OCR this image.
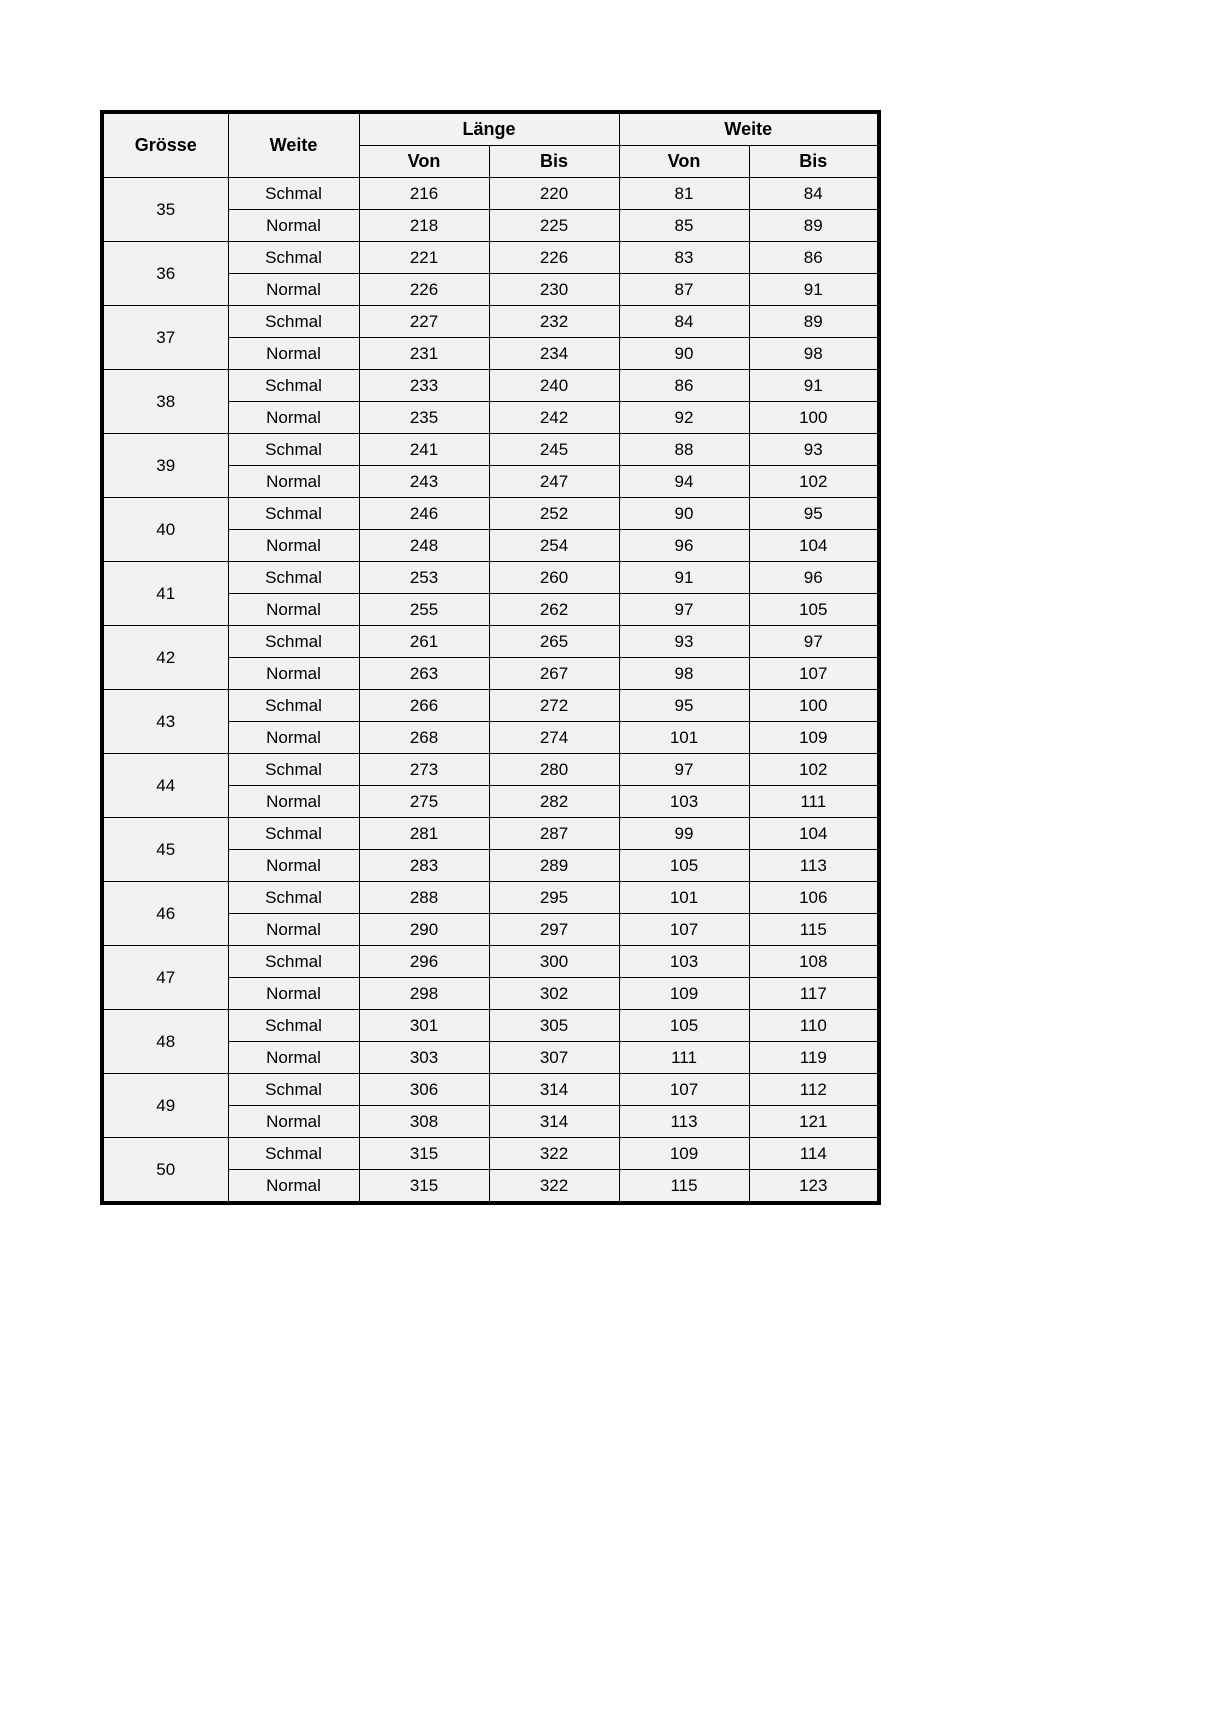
Grösse	Weite	Länge		Weite	
		Von	Bis	Von	Bis
35	Schmal	216	220	81	84
	Normal	218	225	85	89
36	Schmal	221	226	83	86
	Normal	226	230	87	91
37	Schmal	227	232	84	89
	Normal	231	234	90	98
38	Schmal	233	240	86	91
	Normal	235	242	92	100
39	Schmal	241	245	88	93
	Normal	243	247	94	102
40	Schmal	246	252	90	95
	Normal	248	254	96	104
41	Schmal	253	260	91	96
	Normal	255	262	97	105
42	Schmal	261	265	93	97
	Normal	263	267	98	107
43	Schmal	266	272	95	100
	Normal	268	274	101	109
44	Schmal	273	280	97	102
	Normal	275	282	103	111
45	Schmal	281	287	99	104
	Normal	283	289	105	113
46	Schmal	288	295	101	106
	Normal	290	297	107	115
47	Schmal	296	300	103	108
	Normal	298	302	109	117
48	Schmal	301	305	105	110
	Normal	303	307	111	119
49	Schmal	306	314	107	112
	Normal	308	314	113	121
50	Schmal	315	322	109	114
	Normal	315	322	115	123
